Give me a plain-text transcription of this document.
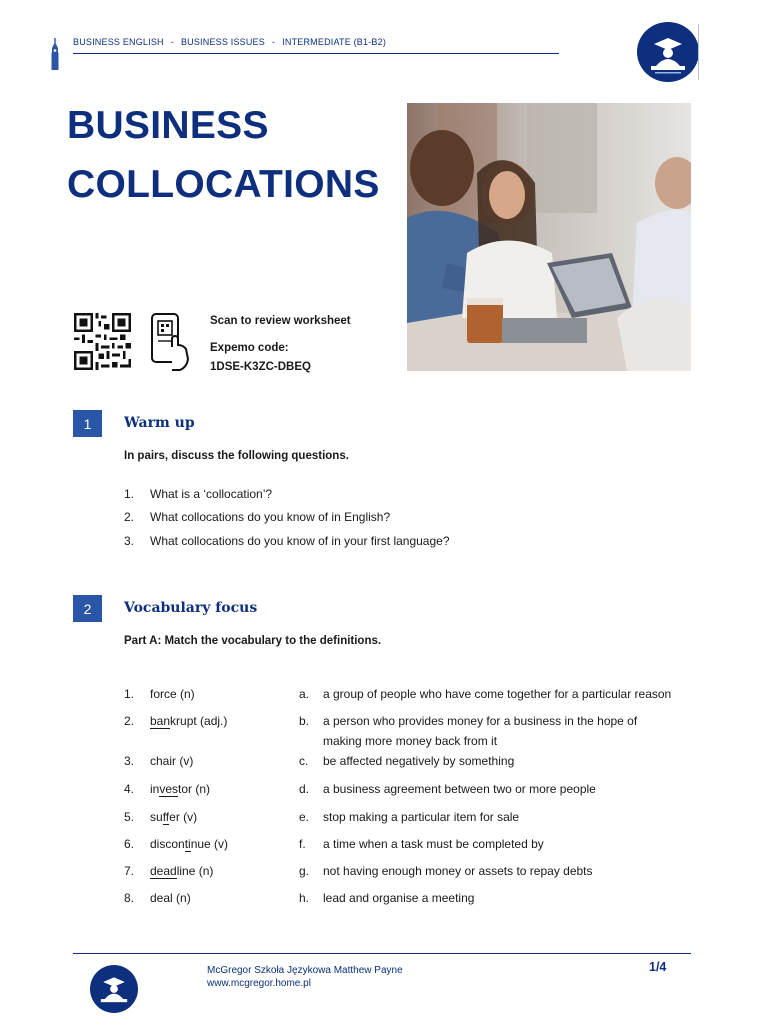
BUSINESS ENGLISH - BUSINESS ISSUES - INTERMEDIATE (B1-B2)
BUSINESS
COLLOCATIONS
Scan to review worksheet
Expemo code:
1DSE-K3ZC-DBEQ
1	Warm up
In pairs, discuss the following questions.
1. What is a ‘collocation’?
2. What collocations do you know of in English?
3. What collocations do you know of in your first language?
2	Vocabulary focus
Part A: Match the vocabulary to the definitions.
1.	force (n)	a.	a group of people who have come together for a particular reason
2.	bankrupt (adj.)	b.	a person who provides money for a business in the hope of making more money back from it
3.	chair (v)	c.	be affected negatively by something
4.	investor (n)	d.	a business agreement between two or more people
5.	suffer (v)	e.	stop making a particular item for sale
6.	discontinue (v)	f.	a time when a task must be completed by
7.	deadline (n)	g.	not having enough money or assets to repay debts
8.	deal (n)	h.	lead and organise a meeting
McGregor Szkoła Językowa Matthew Payne
www.mcgregor.home.pl
1/4
